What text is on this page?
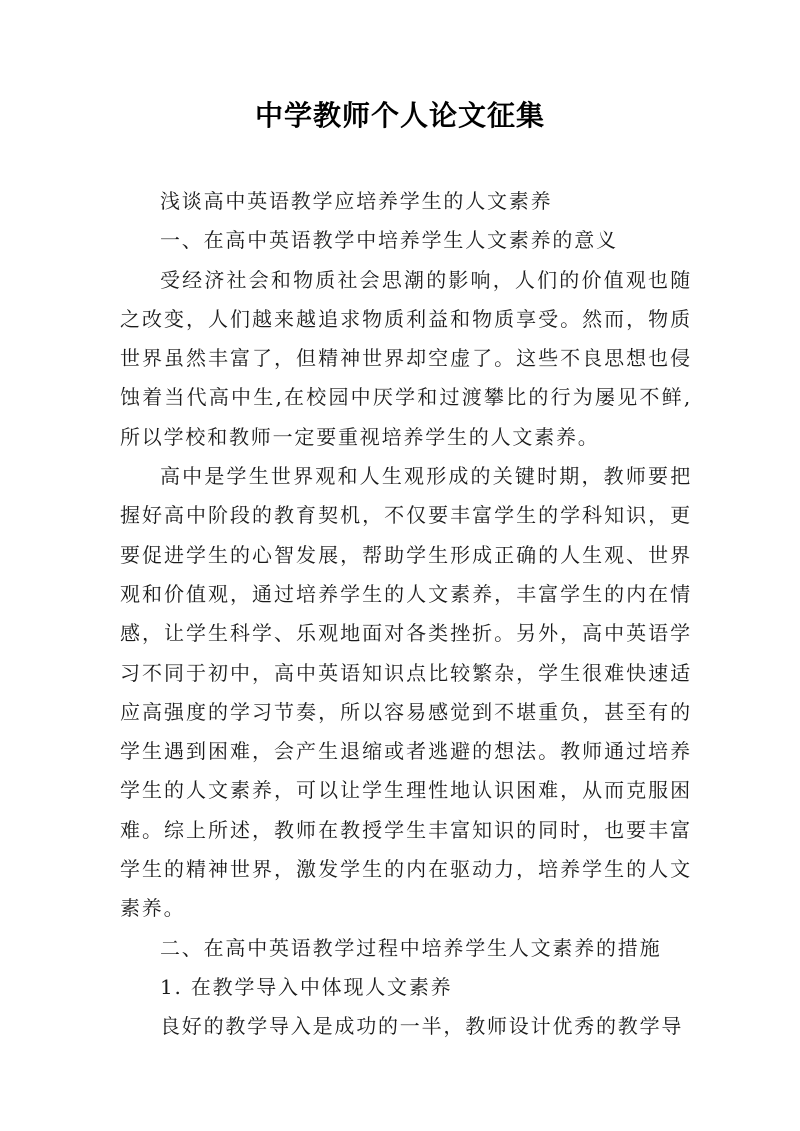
中学教师个人论文征集

浅谈高中英语教学应培养学生的人文素养

一、在高中英语教学中培养学生人文素养的意义

受经济社会和物质社会思潮的影响，人们的价值观也随之改变，人们越来越追求物质利益和物质享受。然而，物质世界虽然丰富了，但精神世界却空虚了。这些不良思想也侵蚀着当代高中生,在校园中厌学和过渡攀比的行为屡见不鲜,所以学校和教师一定要重视培养学生的人文素养。

高中是学生世界观和人生观形成的关键时期，教师要把握好高中阶段的教育契机，不仅要丰富学生的学科知识，更要促进学生的心智发展，帮助学生形成正确的人生观、世界观和价值观，通过培养学生的人文素养，丰富学生的内在情感，让学生科学、乐观地面对各类挫折。另外，高中英语学习不同于初中，高中英语知识点比较繁杂，学生很难快速适应高强度的学习节奏，所以容易感觉到不堪重负，甚至有的学生遇到困难，会产生退缩或者逃避的想法。教师通过培养学生的人文素养，可以让学生理性地认识困难，从而克服困难。综上所述，教师在教授学生丰富知识的同时，也要丰富学生的精神世界，激发学生的内在驱动力，培养学生的人文素养。

二、在高中英语教学过程中培养学生人文素养的措施

1. 在教学导入中体现人文素养

良好的教学导入是成功的一半，教师设计优秀的教学导
